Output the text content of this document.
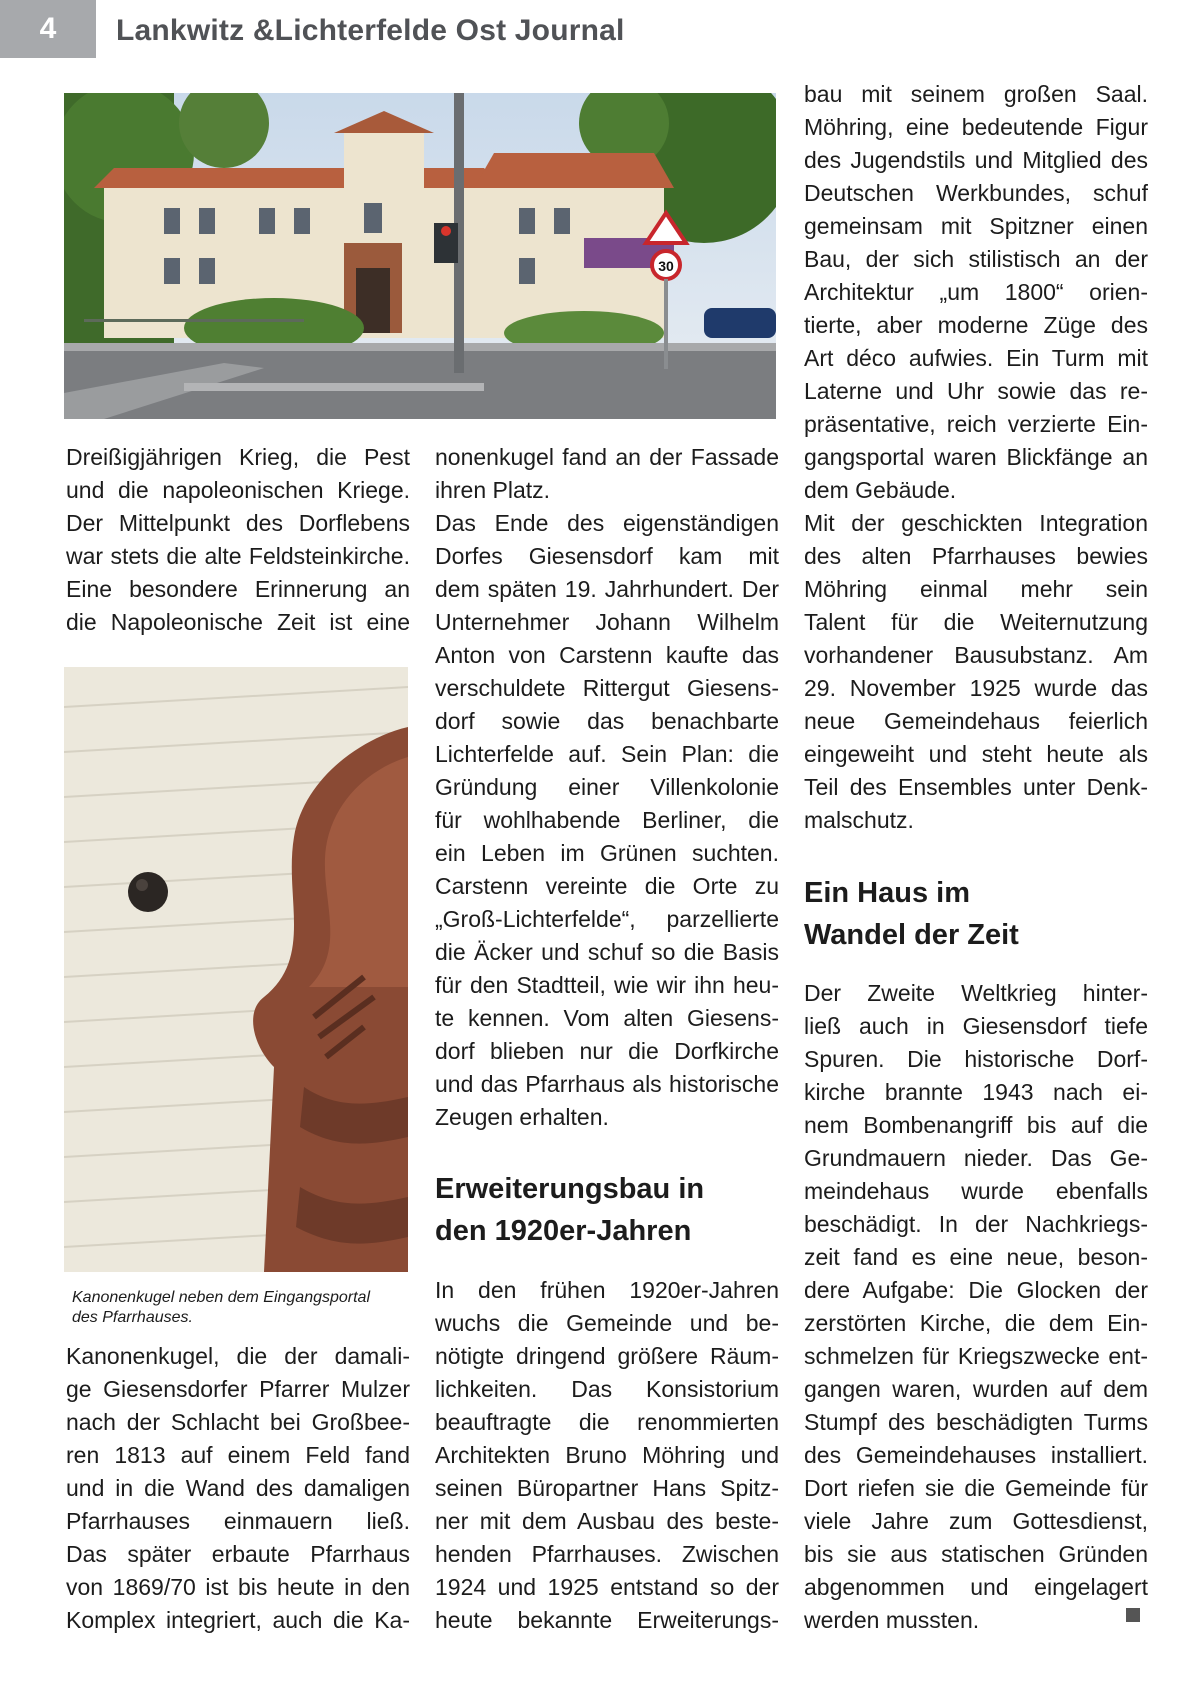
4	Lankwitz &Lichterfelde Ost Journal
30
Kanonenkugel neben dem Eingangsportal
des Pfarrhauses.
Dreißigjährigen Krieg, die Pest
und die napoleonischen Kriege.
Der Mittelpunkt des Dorflebens
war stets die alte Feldsteinkirche.
Eine besondere Erinnerung an
die Napoleonische Zeit ist eine
Kanonenkugel, die der damali-
ge Giesensdorfer Pfarrer Mulzer
nach der Schlacht bei Großbee-
ren 1813 auf einem Feld fand
und in die Wand des damaligen
Pfarrhauses einmauern ließ.
Das später erbaute Pfarrhaus
von 1869/70 ist bis heute in den
Komplex integriert, auch die Ka-
nonenkugel fand an der Fassade
ihren Platz.
Das Ende des eigenständigen
Dorfes Giesensdorf kam mit
dem späten 19. Jahrhundert. Der
Unternehmer Johann Wilhelm
Anton von Carstenn kaufte das
verschuldete Rittergut Giesens-
dorf sowie das benachbarte
Lichterfelde auf. Sein Plan: die
Gründung einer Villenkolonie
für wohlhabende Berliner, die
ein Leben im Grünen suchten.
Carstenn vereinte die Orte zu
„Groß-Lichterfelde“, parzellierte
die Äcker und schuf so die Basis
für den Stadtteil, wie wir ihn heu-
te kennen. Vom alten Giesens-
dorf blieben nur die Dorfkirche
und das Pfarrhaus als historische
Zeugen erhalten.
Erweiterungsbau in
den 1920er-Jahren
In den frühen 1920er-Jahren
wuchs die Gemeinde und be-
nötigte dringend größere Räum-
lichkeiten. Das Konsistorium
beauftragte die renommierten
Architekten Bruno Möhring und
seinen Büropartner Hans Spitz-
ner mit dem Ausbau des beste-
henden Pfarrhauses. Zwischen
1924 und 1925 entstand so der
heute bekannte Erweiterungs-
bau mit seinem großen Saal.
Möhring, eine bedeutende Figur
des Jugendstils und Mitglied des
Deutschen Werkbundes, schuf
gemeinsam mit Spitzner einen
Bau, der sich stilistisch an der
Architektur „um 1800“ orien-
tierte, aber moderne Züge des
Art déco aufwies. Ein Turm mit
Laterne und Uhr sowie das re-
präsentative, reich verzierte Ein-
gangsportal waren Blickfänge an
dem Gebäude.
Mit der geschickten Integration
des alten Pfarrhauses bewies
Möhring einmal mehr sein
Talent für die Weiternutzung
vorhandener Bausubstanz. Am
29. November 1925 wurde das
neue Gemeindehaus feierlich
eingeweiht und steht heute als
Teil des Ensembles unter Denk-
malschutz.
Ein Haus im
Wandel der Zeit
Der Zweite Weltkrieg hinter-
ließ auch in Giesensdorf tiefe
Spuren. Die historische Dorf-
kirche brannte 1943 nach ei-
nem Bombenangriff bis auf die
Grundmauern nieder. Das Ge-
meindehaus wurde ebenfalls
beschädigt. In der Nachkriegs-
zeit fand es eine neue, beson-
dere Aufgabe: Die Glocken der
zerstörten Kirche, die dem Ein-
schmelzen für Kriegszwecke ent-
gangen waren, wurden auf dem
Stumpf des beschädigten Turms
des Gemeindehauses installiert.
Dort riefen sie die Gemeinde für
viele Jahre zum Gottesdienst,
bis sie aus statischen Gründen
abgenommen und eingelagert
werden mussten.
